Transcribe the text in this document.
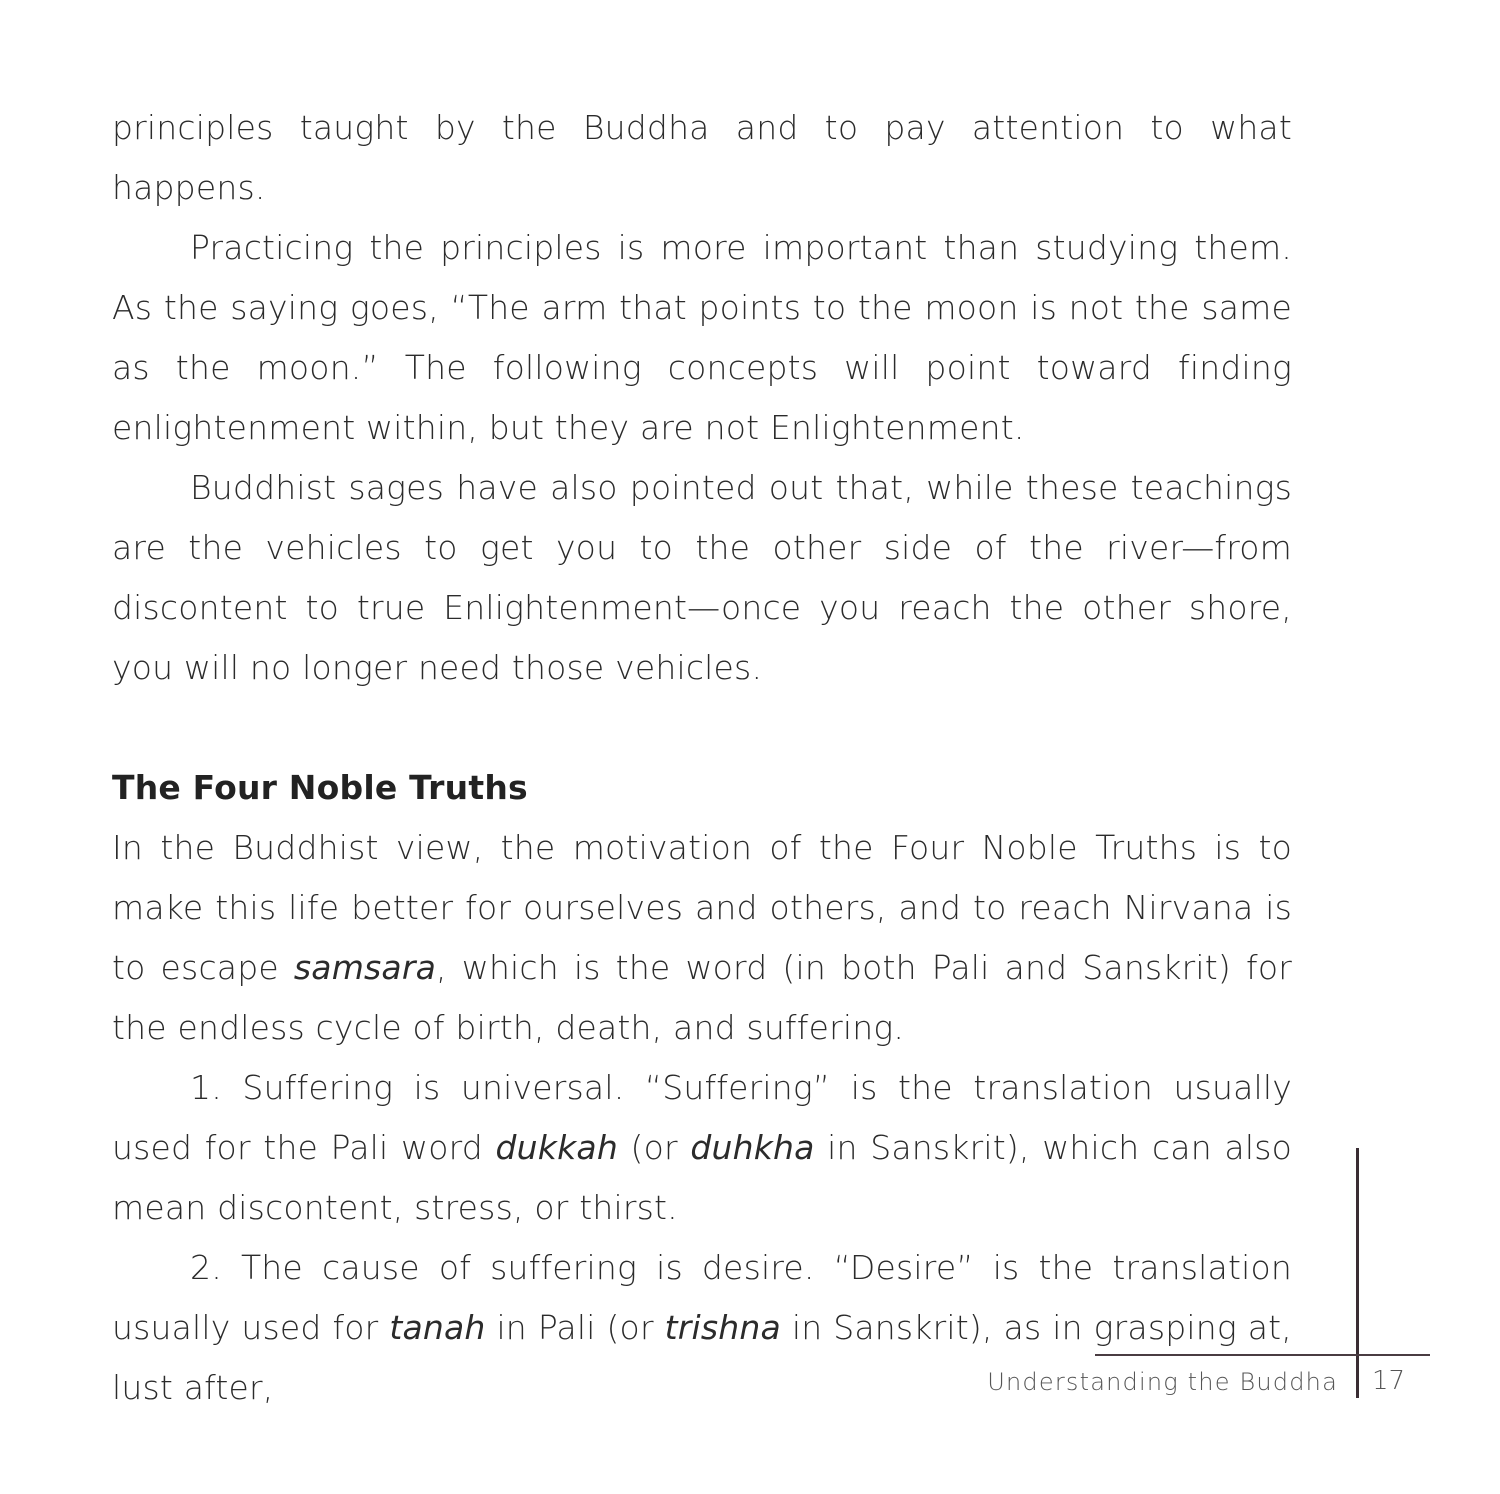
principles taught by the Buddha and to pay attention to what happens.

Practicing the principles is more important than studying them. As the saying goes, “The arm that points to the moon is not the same as the moon.” The following concepts will point toward finding enlightenment within, but they are not Enlightenment.

Buddhist sages have also pointed out that, while these teachings are the vehicles to get you to the other side of the river—from discontent to true Enlightenment—once you reach the other shore, you will no longer need those vehicles.

The Four Noble Truths

In the Buddhist view, the motivation of the Four Noble Truths is to make this life better for ourselves and others, and to reach Nirvana is to escape samsara, which is the word (in both Pali and Sanskrit) for the endless cycle of birth, death, and suffering.

1. Suffering is universal. “Suffering” is the translation usually used for the Pali word dukkah (or duhkha in Sanskrit), which can also mean discontent, stress, or thirst.

2. The cause of suffering is desire. “Desire” is the translation usually used for tanah in Pali (or trishna in Sanskrit), as in grasping at, lust after,	Understanding the Buddha 17
